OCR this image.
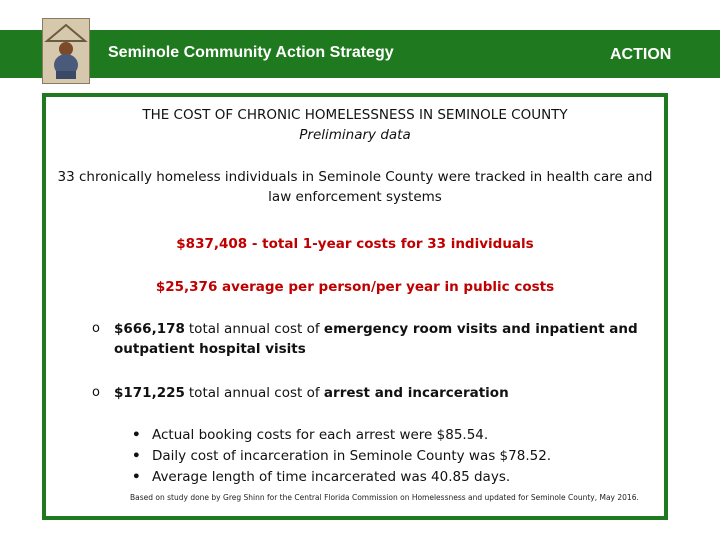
Seminole Community Action Strategy	ACTION
THE COST OF CHRONIC HOMELESSNESS IN SEMINOLE COUNTY
Preliminary data
33 chronically homeless individuals in Seminole County were tracked in health care and law enforcement systems
$837,408 - total 1-year costs for 33 individuals
$25,376 average per person/per year in public costs
o $666,178 total annual cost of emergency room visits and inpatient and outpatient hospital visits
o $171,225 total annual cost of arrest and incarceration
• Actual booking costs for each arrest were $85.54.
• Daily cost of incarceration in Seminole County was $78.52.
• Average length of time incarcerated was 40.85 days.
Based on study done by Greg Shinn for the Central Florida Commission on Homelessness and updated for Seminole County, May 2016.
